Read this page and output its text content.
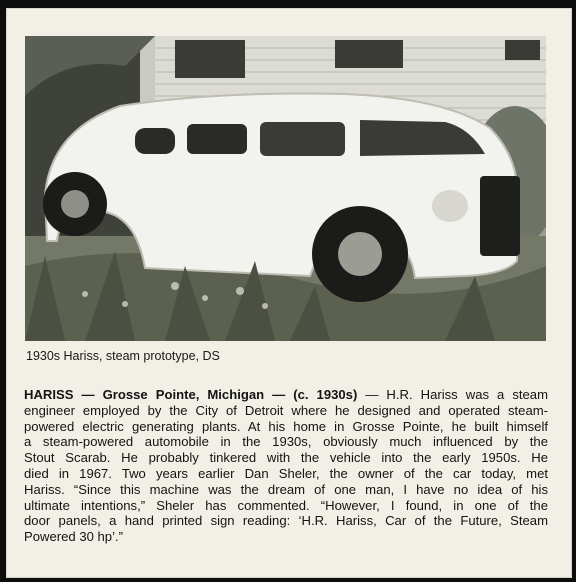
1930s Hariss, steam prototype, DS
HARISS — Grosse Pointe, Michigan — (c. 1930s) — H.R. Hariss was a steam
engineer employed by the City of Detroit where he designed and operated steam-
powered electric generating plants. At his home in Grosse Pointe, he built himself
a steam-powered automobile in the 1930s, obviously much influenced by the
Stout Scarab. He probably tinkered with the vehicle into the early 1950s. He
died in 1967. Two years earlier Dan Sheler, the owner of the car today, met
Hariss. “Since this machine was the dream of one man, I have no idea of his
ultimate intentions,” Sheler has commented. “However, I found, in one of the
door panels, a hand printed sign reading: ‘H.R. Hariss, Car of the Future, Steam
Powered 30 hp’.”
